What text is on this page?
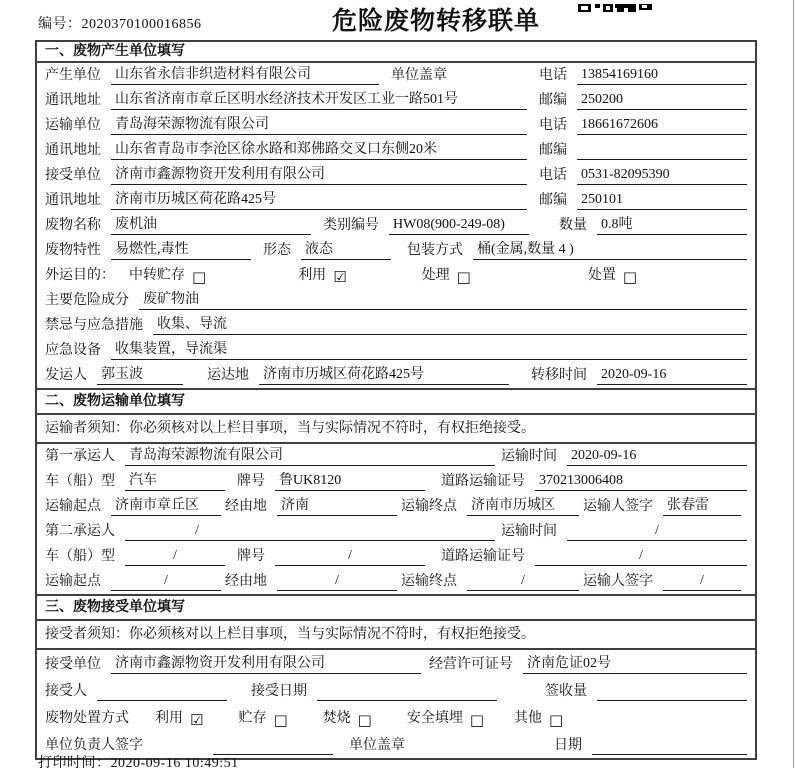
编号：2020370100016856	危险废物转移联单
一、废物产生单位填写
产生单位 山东省永信非织造材料有限公司	单位盖章	电话 13854169160
通讯地址 山东省济南市章丘区明水经济技术开发区工业一路501号	邮编 250200
运输单位 青岛海荣源物流有限公司	电话 18661672606
通讯地址 山东省青岛市李沧区徐水路和郑佛路交叉口东侧20米	邮编
接受单位 济南市鑫源物资开发利用有限公司	电话 0531-82095390
通讯地址 济南市历城区荷花路425号	邮编 250101
废物名称 废机油	类别编号 HW08(900-249-08)	数量 0.8吨
废物特性 易燃性,毒性	形态 液态	包装方式 桶(金属,数量 4 )
外运目的： 中转贮存 □	利用 ☑	处理 □	处置 □
主要危险成分 废矿物油
禁忌与应急措施 收集、导流
应急设备 收集装置，导流渠
发运人 郭玉波	运达地 济南市历城区荷花路425号	转移时间 2020-09-16
二、废物运输单位填写
运输者须知：你必须核对以上栏目事项，当与实际情况不符时，有权拒绝接受。
第一承运人 青岛海荣源物流有限公司	运输时间 2020-09-16
车（船）型 汽车	牌号 鲁UK8120	道路运输证号 370213006408
运输起点 济南市章丘区	经由地 济南	运输终点 济南市历城区	运输人签字 张春雷
第二承运人	/	运输时间	/
车（船）型	/	牌号	/	道路运输证号	/
运输起点	/	经由地	/	运输终点	/	运输人签字	/
三、废物接受单位填写
接受者须知：你必须核对以上栏目事项，当与实际情况不符时，有权拒绝接受。
接受单位 济南市鑫源物资开发利用有限公司	经营许可证号 济南危证02号
接受人	接受日期	签收量
废物处置方式 利用 ☑	贮存 □	焚烧 □	安全填埋 □ 其他 □
单位负责人签字	单位盖章	日期
打印时间：2020-09-16 10:49:51
